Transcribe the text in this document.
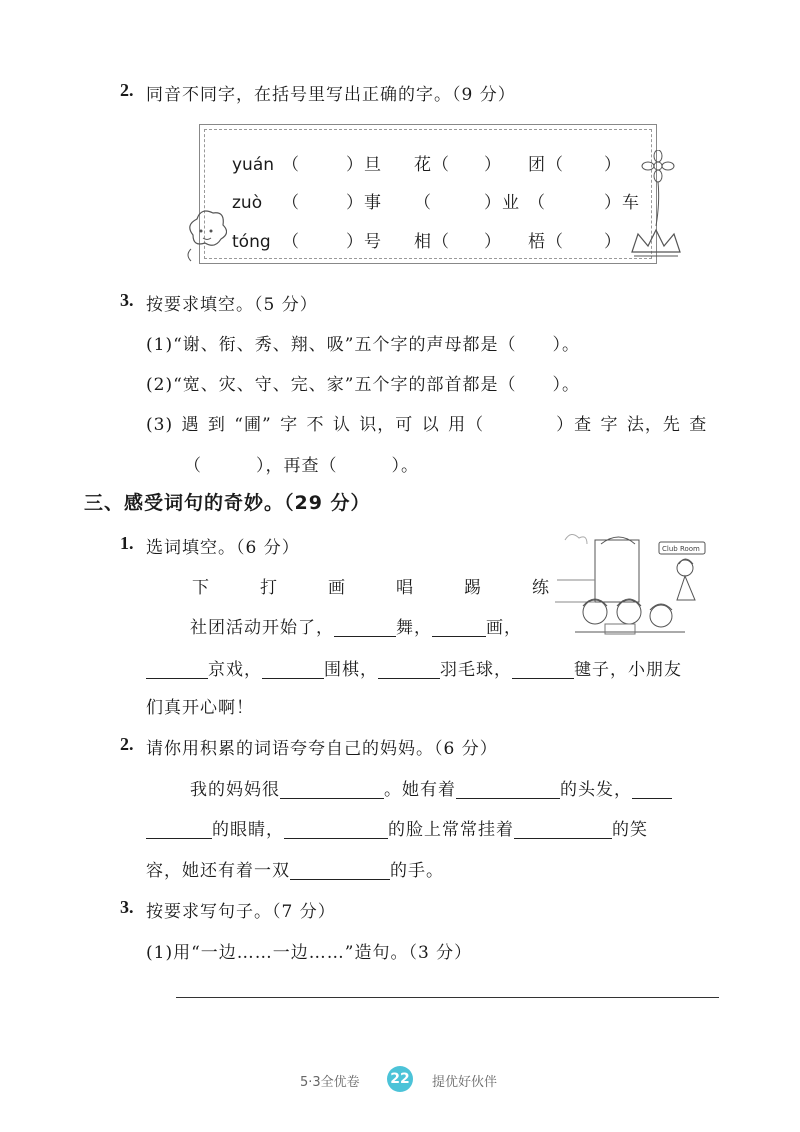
2. 同音不同字，在括号里写出正确的字。（9 分）
yuán （	）旦 花（ ） 团（ ）
zuò （	）事 （	）业 （	）车
tóng （	）号 相（ ） 梧（ ）
3. 按要求填空。（5 分）
(1)“谢、衔、秀、翔、吸”五个字的声母都是（　　）。
(2)“宽、灾、守、完、家”五个字的部首都是（　　）。
(3) 遇 到 “圃” 字 不 认 识，可 以 用（　　　　）查 字 法，先 查
（　　　），再查（　　　）。
三、感受词句的奇妙。（29 分）
1. 选词填空。（6 分）
下	打	画	唱	踢	练
社团活动开始了，	舞，	画，
京戏，	围棋，	羽毛球，	毽子，小朋友
们真开心啊！
Club Room
2. 请你用积累的词语夸夸自己的妈妈。（6 分）
我的妈妈很	。她有着	的头发，
的眼睛，	的脸上常常挂着	的笑
容，她还有着一双	的手。
3. 按要求写句子。（7 分）
(1)用“一边……一边……”造句。（3 分）
5·3全优卷 22 提优好伙伴
